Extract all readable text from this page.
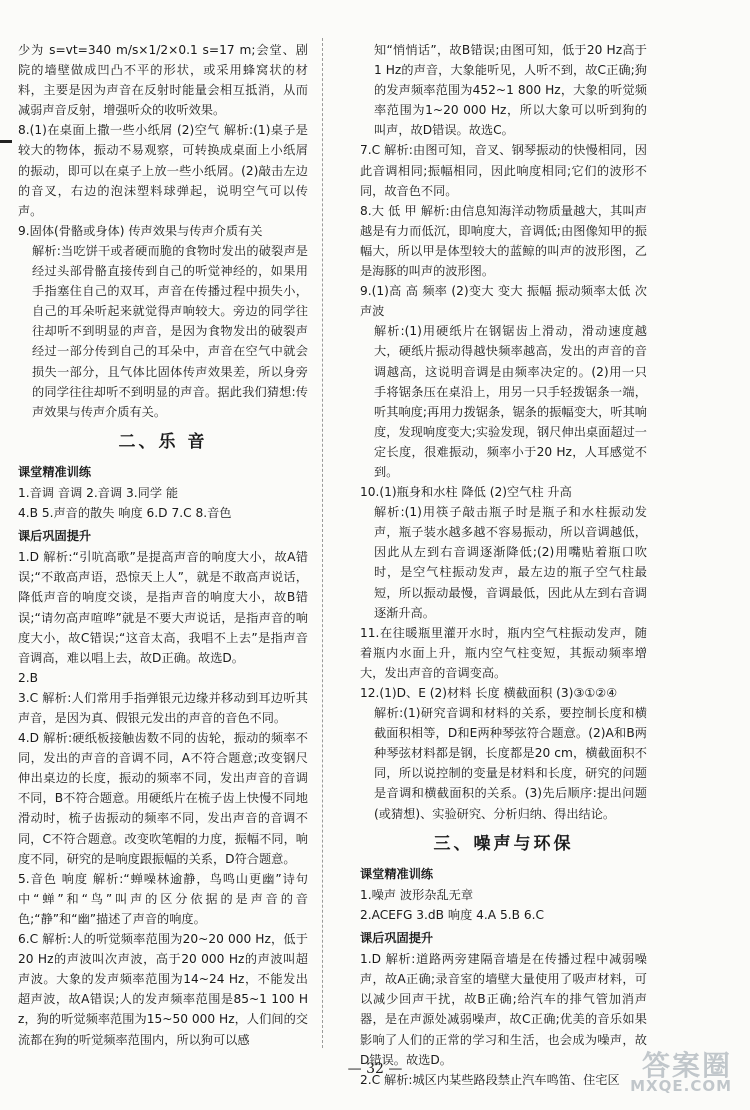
少为 s=vt=340 m/s×1/2×0.1 s=17 m;会堂、剧院的墙壁做成凹凸不平的形状，或采用蜂窝状的材料，主要是因为声音在反射时能量会相互抵消，从而减弱声音反射，增强听众的收听效果。
8.(1)在桌面上撒一些小纸屑 (2)空气 解析:(1)桌子是较大的物体，振动不易观察，可转换成桌面上小纸屑的振动，即可以在桌子上放一些小纸屑。(2)敲击左边的音叉，右边的泡沫塑料球弹起，说明空气可以传声。
9.固体(骨骼或身体) 传声效果与传声介质有关
解析:当吃饼干或者硬而脆的食物时发出的破裂声是经过头部骨骼直接传到自己的听觉神经的，如果用手指塞住自己的双耳，声音在传播过程中损失小，自己的耳朵听起来就觉得声响较大。旁边的同学往往却听不到明显的声音，是因为食物发出的破裂声经过一部分传到自己的耳朵中，声音在空气中就会损失一部分，且气体比固体传声效果差，所以身旁的同学往往却听不到明显的声音。据此我们猜想:传声效果与传声介质有关。
二、乐 音
课堂精准训练
1.音调 音调 2.音调 3.同学 能
4.B 5.声音的散失 响度 6.D 7.C 8.音色
课后巩固提升
1.D 解析:“引吭高歌”是提高声音的响度大小，故A错误;“不敢高声语，恐惊天上人”，就是不敢高声说话，降低声音的响度交谈，是指声音的响度大小，故B错误;“请勿高声喧哗”就是不要大声说话，是指声音的响度大小，故C错误;“这音太高，我唱不上去”是指声音音调高，难以唱上去，故D正确。故选D。
2.B
3.C 解析:人们常用手指弹银元边缘并移动到耳边听其声音，是因为真、假银元发出的声音的音色不同。
4.D 解析:硬纸板接触齿数不同的齿轮，振动的频率不同，发出的声音的音调不同，A不符合题意;改变钢尺伸出桌边的长度，振动的频率不同，发出声音的音调不同，B不符合题意。用硬纸片在梳子齿上快慢不同地滑动时，梳子齿振动的频率不同，发出声音的音调不同，C不符合题意。改变吹笔帽的力度，振幅不同，响度不同，研究的是响度跟振幅的关系，D符合题意。
5.音色 响度 解析:“蝉噪林逾静，鸟鸣山更幽”诗句中“蝉”和“鸟”叫声的区分依据的是声音的音色;“静”和“幽”描述了声音的响度。
6.C 解析:人的听觉频率范围为20~20 000 Hz，低于20 Hz的声波叫次声波，高于20 000 Hz的声波叫超声波。大象的发声频率范围为14~24 Hz，不能发出超声波，故A错误;人的发声频率范围是85~1 100 Hz，狗的听觉频率范围为15~50 000 Hz，人们间的交流都在狗的听觉频率范围内，所以狗可以感
知“悄悄话”，故B错误;由图可知，低于20 Hz高于1 Hz的声音，大象能听见，人听不到，故C正确;狗的发声频率范围为452~1 800 Hz，大象的听觉频率范围为1~20 000 Hz，所以大象可以听到狗的叫声，故D错误。故选C。
7.C 解析:由图可知，音叉、钢琴振动的快慢相同，因此音调相同;振幅相同，因此响度相同;它们的波形不同，故音色不同。
8.大 低 甲 解析:由信息知海洋动物质量越大，其叫声越是有力而低沉，即响度大，音调低;由图像知甲的振幅大，所以甲是体型较大的蓝鲸的叫声的波形图，乙是海豚的叫声的波形图。
9.(1)高 高 频率 (2)变大 变大 振幅 振动频率太低 次声波
解析:(1)用硬纸片在钢锯齿上滑动，滑动速度越大，硬纸片振动得越快频率越高，发出的声音的音调越高，这说明音调是由频率决定的。(2)用一只手将锯条压在桌沿上，用另一只手轻拨锯条一端，听其响度;再用力拨锯条，锯条的振幅变大，听其响度，发现响度变大;实验发现，钢尺伸出桌面超过一定长度，很难振动，频率小于20 Hz，人耳感觉不到。
10.(1)瓶身和水柱 降低 (2)空气柱 升高
解析:(1)用筷子敲击瓶子时是瓶子和水柱振动发声，瓶子装水越多越不容易振动，所以音调越低，因此从左到右音调逐渐降低;(2)用嘴贴着瓶口吹时，是空气柱振动发声，最左边的瓶子空气柱最短，所以振动最慢，音调最低，因此从左到右音调逐渐升高。
11.在往暖瓶里灌开水时，瓶内空气柱振动发声，随着瓶内水面上升，瓶内空气柱变短，其振动频率增大，发出声音的音调变高。
12.(1)D、E (2)材料 长度 横截面积 (3)③①②④
解析:(1)研究音调和材料的关系，要控制长度和横截面积相等，D和E两种琴弦符合题意。(2)A和B两种琴弦材料都是钢，长度都是20 cm，横截面积不同，所以说控制的变量是材料和长度，研究的问题是音调和横截面积的关系。(3)先后顺序:提出问题(或猜想)、实验研究、分析归纳、得出结论。
三、噪声与环保
课堂精准训练
1.噪声 波形杂乱无章
2.ACEFG 3.dB 响度 4.A 5.B 6.C
课后巩固提升
1.D 解析:道路两旁建隔音墙是在传播过程中减弱噪声，故A正确;录音室的墙壁大量使用了吸声材料，可以减少回声干扰，故B正确;给汽车的排气管加消声器，是在声源处减弱噪声，故C正确;优美的音乐如果影响了人们的正常的学习和生活，也会成为噪声，故D错误。故选D。
2.C 解析:城区内某些路段禁止汽车鸣笛、住宅区
— 32 —	答案圈
MXQE.COM
